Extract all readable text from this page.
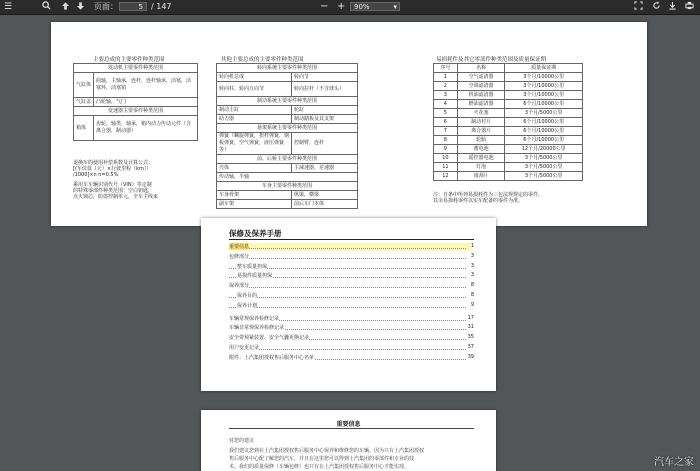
☰	页面：	5	/ 147	− +	90%	▾
主要总成的主要零件种类范围
发动机主要零件种类范围	
气缸体	曲轴，主轴承，连杆，连杆轴承，活塞，活塞环，活塞销
气缸盖	凸轮轴，气门
变速器主要零件种类范围	
箱体	齿轮，轴类，轴承，箱内动力传动元件（含离合器，制动器）
退换车的使用补偿系数及计算公式：
[(车价款（元）×行驶里程（km））
/1000]×n n=0.5%
乘用车车辆识别代号（VIN）等定制
的特殊零部件种类范围：空白钥匙，
点火锁芯，防盗控制单元，全车主线束
其他主要总成的主要零件种类范围
转向系统主要零件种类范围	
转向机总成	转向节
转向柱、转向万向节	转向拉杆（不含球头）
制动系统主要零件种类范围	
制动主缸	轮缸
助力器	制动踏板及其支架
悬架系统主要零件种类范围	
弹簧（螺旋弹簧，扭杆弹簧，钢板弹簧，空气弹簧，液压弹簧等）	控制臂，连杆
前、后桥主要零件种类范围	
壳体	主减速器，差速器
传动轴，半轴	
车身主要零件种类范围	
车身骨架	纵梁，横梁
副车架	前后车门本体
易损耗件及其它零部件种类范围及质量保证期
序号	名称	质量保证期
1	空气滤清器	3个月/10000公里
2	空调滤清器	3个月/10000公里
3	机油滤清器	3个月/10000公里
4	燃油滤清器	6个月/10000公里
5	火花塞	3个月/5000公里
6	制动衬片	6个月/10000公里
7	离合器片	6个月/10000公里
8	轮胎	6个月/10000公里
9	蓄电池	12个月/20000公里
10	遥控器电池	3个月/5000公里
11	灯泡	3个月/5000公里
12	雨刮片	3个月/5000公里
注：自条中所列易损耗件为三包法规规定的零件，
其余易损耗零件以实车配备的零件为准。
保修及保养手册
重要信息	1
包修部分	3
整车质量担保	3
易损件质量担保	3
保养部分	8
保养目的	8
保养计划	9
车辆常规保养检修记录	17
车辆非常规保养检修记录	31
安全带预紧装置、安全气囊更换记录	35
用户变更记录	37
附件：上汽集团授权售后服务中心名单	39
重要信息
对您的建议
我们建议您到在上汽集团授权售后服务中心保养和维修您的车辆。因为只有上汽集团授权
售后服务中心配了解您的汽车，并且在这里您可以得到上汽集团的零部件和专业的技
术。我们的质量保修（车辆包修）也只有在上汽集团授权售后服务中心才能实现。	汽车之家
